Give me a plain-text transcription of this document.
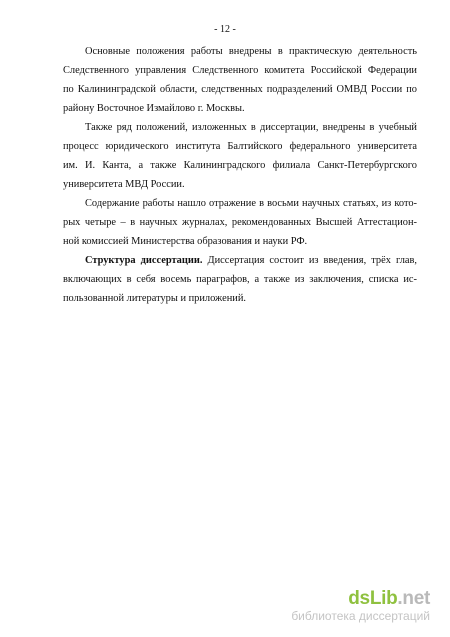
- 12 -
Основные положения работы внедрены в практическую деятельность
Следственного управления Следственного комитета Российской Федерации
по Калининградской области, следственных подразделений ОМВД России по
району Восточное Измайлово г. Москвы.
Также ряд положений, изложенных в диссертации, внедрены в учебный
процесс юридического института Балтийского федерального университета
им. И. Канта, а также Калининградского филиала Санкт-Петербургского
университета МВД России.
Содержание работы нашло отражение в восьми научных статьях, из кото-
рых четыре – в научных журналах, рекомендованных Высшей Аттестацион-
ной комиссией Министерства образования и науки РФ.
Структура диссертации. Диссертация состоит из введения, трёх глав,
включающих в себя восемь параграфов, а также из заключения, списка ис-
пользованной литературы и приложений.
dsLib.net
библиотека диссертаций
